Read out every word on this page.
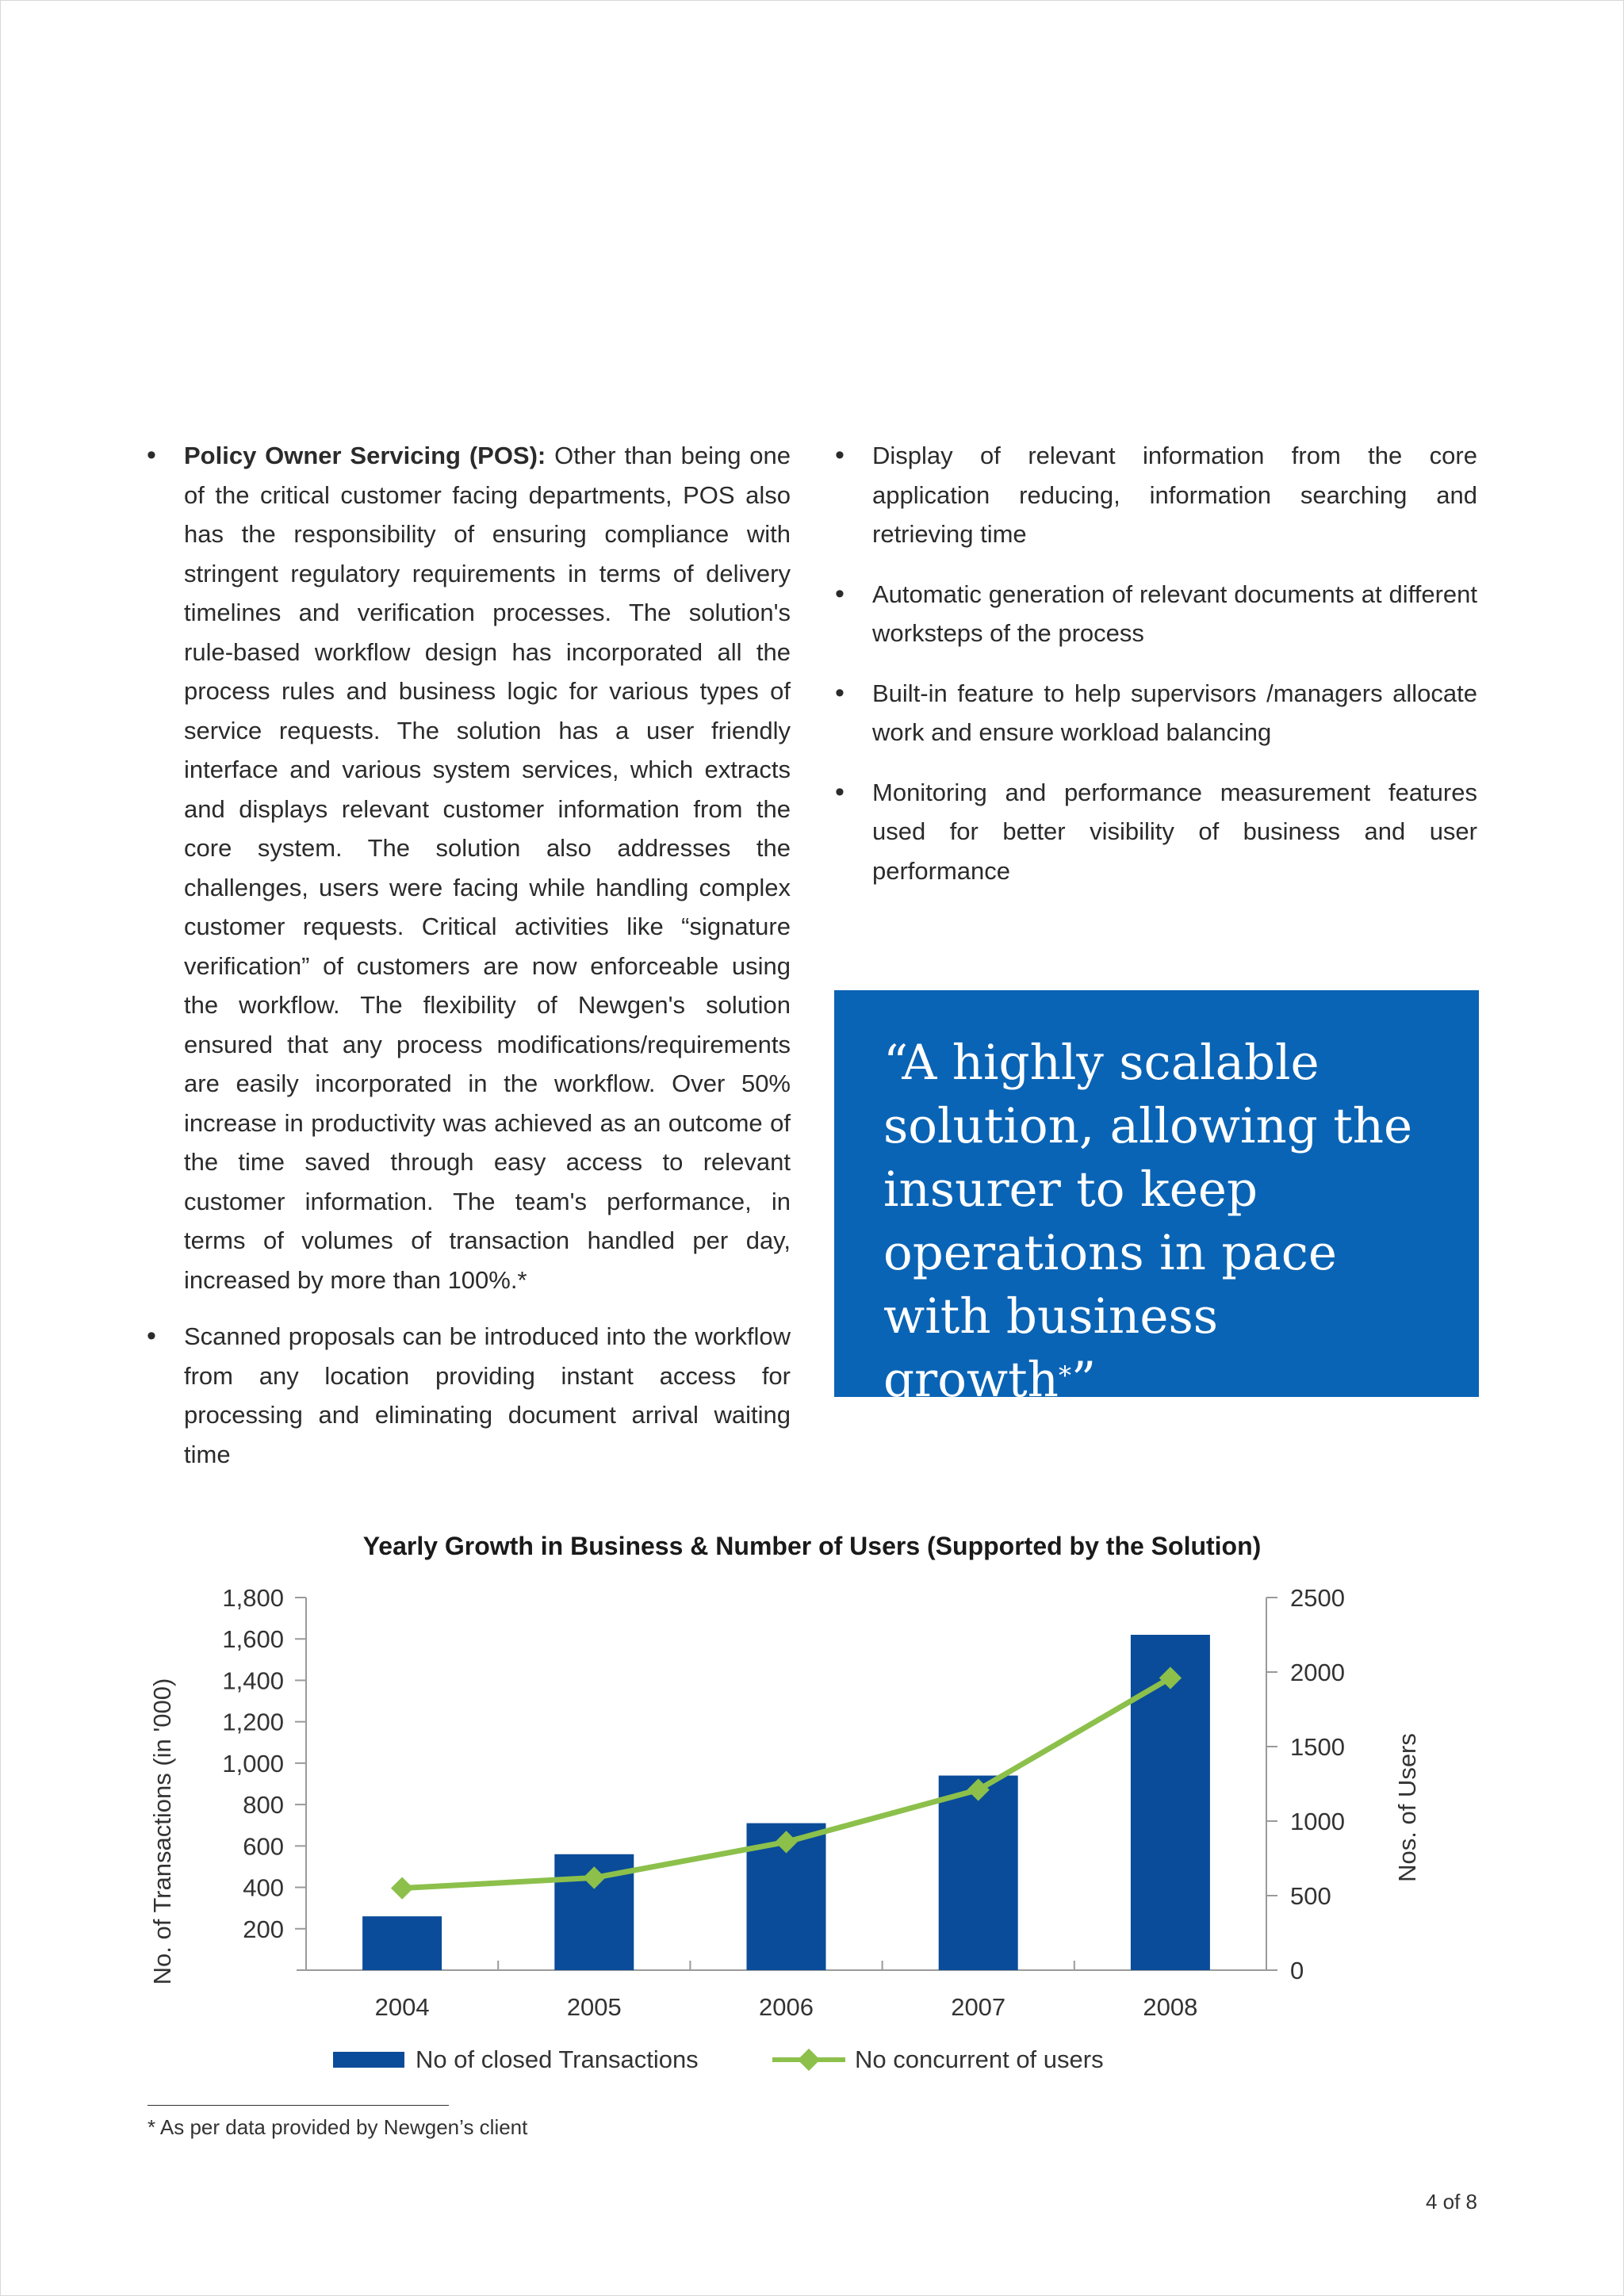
• Policy Owner Servicing (POS): Other than being one of the critical customer facing departments, POS also has the responsibility of ensuring compliance with stringent regulatory requirements in terms of delivery timelines and verification processes. The solution's rule-based workflow design has incorporated all the process rules and business logic for various types of service requests. The solution has a user friendly interface and various system services, which extracts and displays relevant customer information from the core system. The solution also addresses the challenges, users were facing while handling complex customer requests. Critical activities like “signature verification” of customers are now enforceable using the workflow. The flexibility of Newgen's solution ensured that any process modifications/requirements are easily incorporated in the workflow. Over 50% increase in productivity was achieved as an outcome of the time saved through easy access to relevant customer information. The team's performance, in terms of volumes of transaction handled per day, increased by more than 100%.*
• Scanned proposals can be introduced into the workflow from any location providing instant access for processing and eliminating document arrival waiting time
• Display of relevant information from the core application reducing, information searching and retrieving time
• Automatic generation of relevant documents at different worksteps of the process
• Built-in feature to help supervisors /managers allocate work and ensure workload balancing
• Monitoring and performance measurement features used for better visibility of business and user performance

“A highly scalable solution, allowing the insurer to keep operations in pace with business growth*”

Yearly Growth in Business & Number of Users (Supported by the Solution)
200
400
600
800
1,000
1,200
1,400
1,600
1,800
0
500
1000
1500
2000
2500
2004	2005	2006	2007	2008
No. of Transactions (in '000)	Nos. of Users
No of closed Transactions	No concurrent of users
* As per data provided by Newgen’s client
4 of 8
